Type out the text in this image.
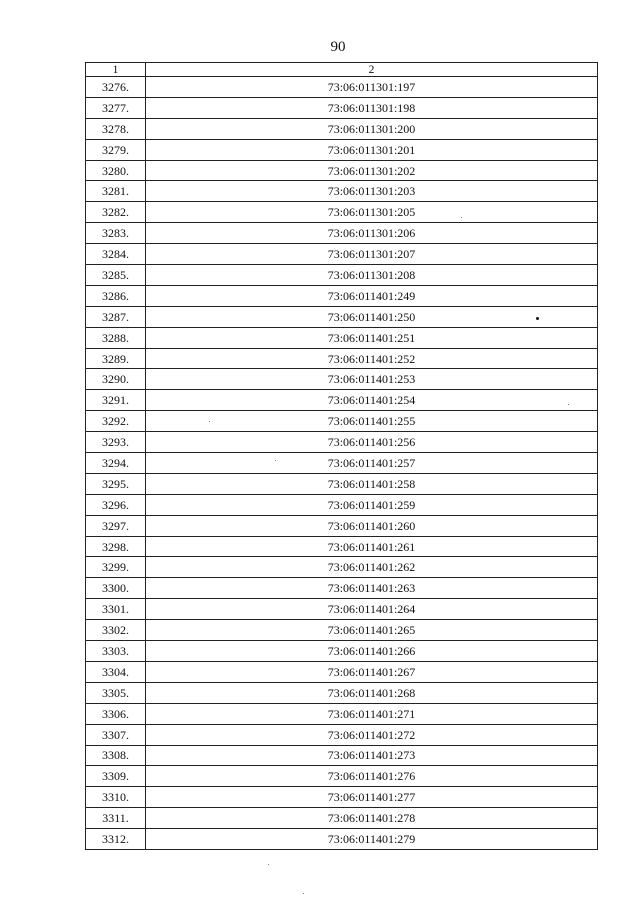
90
1	2
3276.	73:06:011301:197
3277.	73:06:011301:198
3278.	73:06:011301:200
3279.	73:06:011301:201
3280.	73:06:011301:202
3281.	73:06:011301:203
3282.	73:06:011301:205
3283.	73:06:011301:206
3284.	73:06:011301:207
3285.	73:06:011301:208
3286.	73:06:011401:249
3287.	73:06:011401:250
3288.	73:06:011401:251
3289.	73:06:011401:252
3290.	73:06:011401:253
3291.	73:06:011401:254
3292.	73:06:011401:255
3293.	73:06:011401:256
3294.	73:06:011401:257
3295.	73:06:011401:258
3296.	73:06:011401:259
3297.	73:06:011401:260
3298.	73:06:011401:261
3299.	73:06:011401:262
3300.	73:06:011401:263
3301.	73:06:011401:264
3302.	73:06:011401:265
3303.	73:06:011401:266
3304.	73:06:011401:267
3305.	73:06:011401:268
3306.	73:06:011401:271
3307.	73:06:011401:272
3308.	73:06:011401:273
3309.	73:06:011401:276
3310.	73:06:011401:277
3311.	73:06:011401:278
3312.	73:06:011401:279
